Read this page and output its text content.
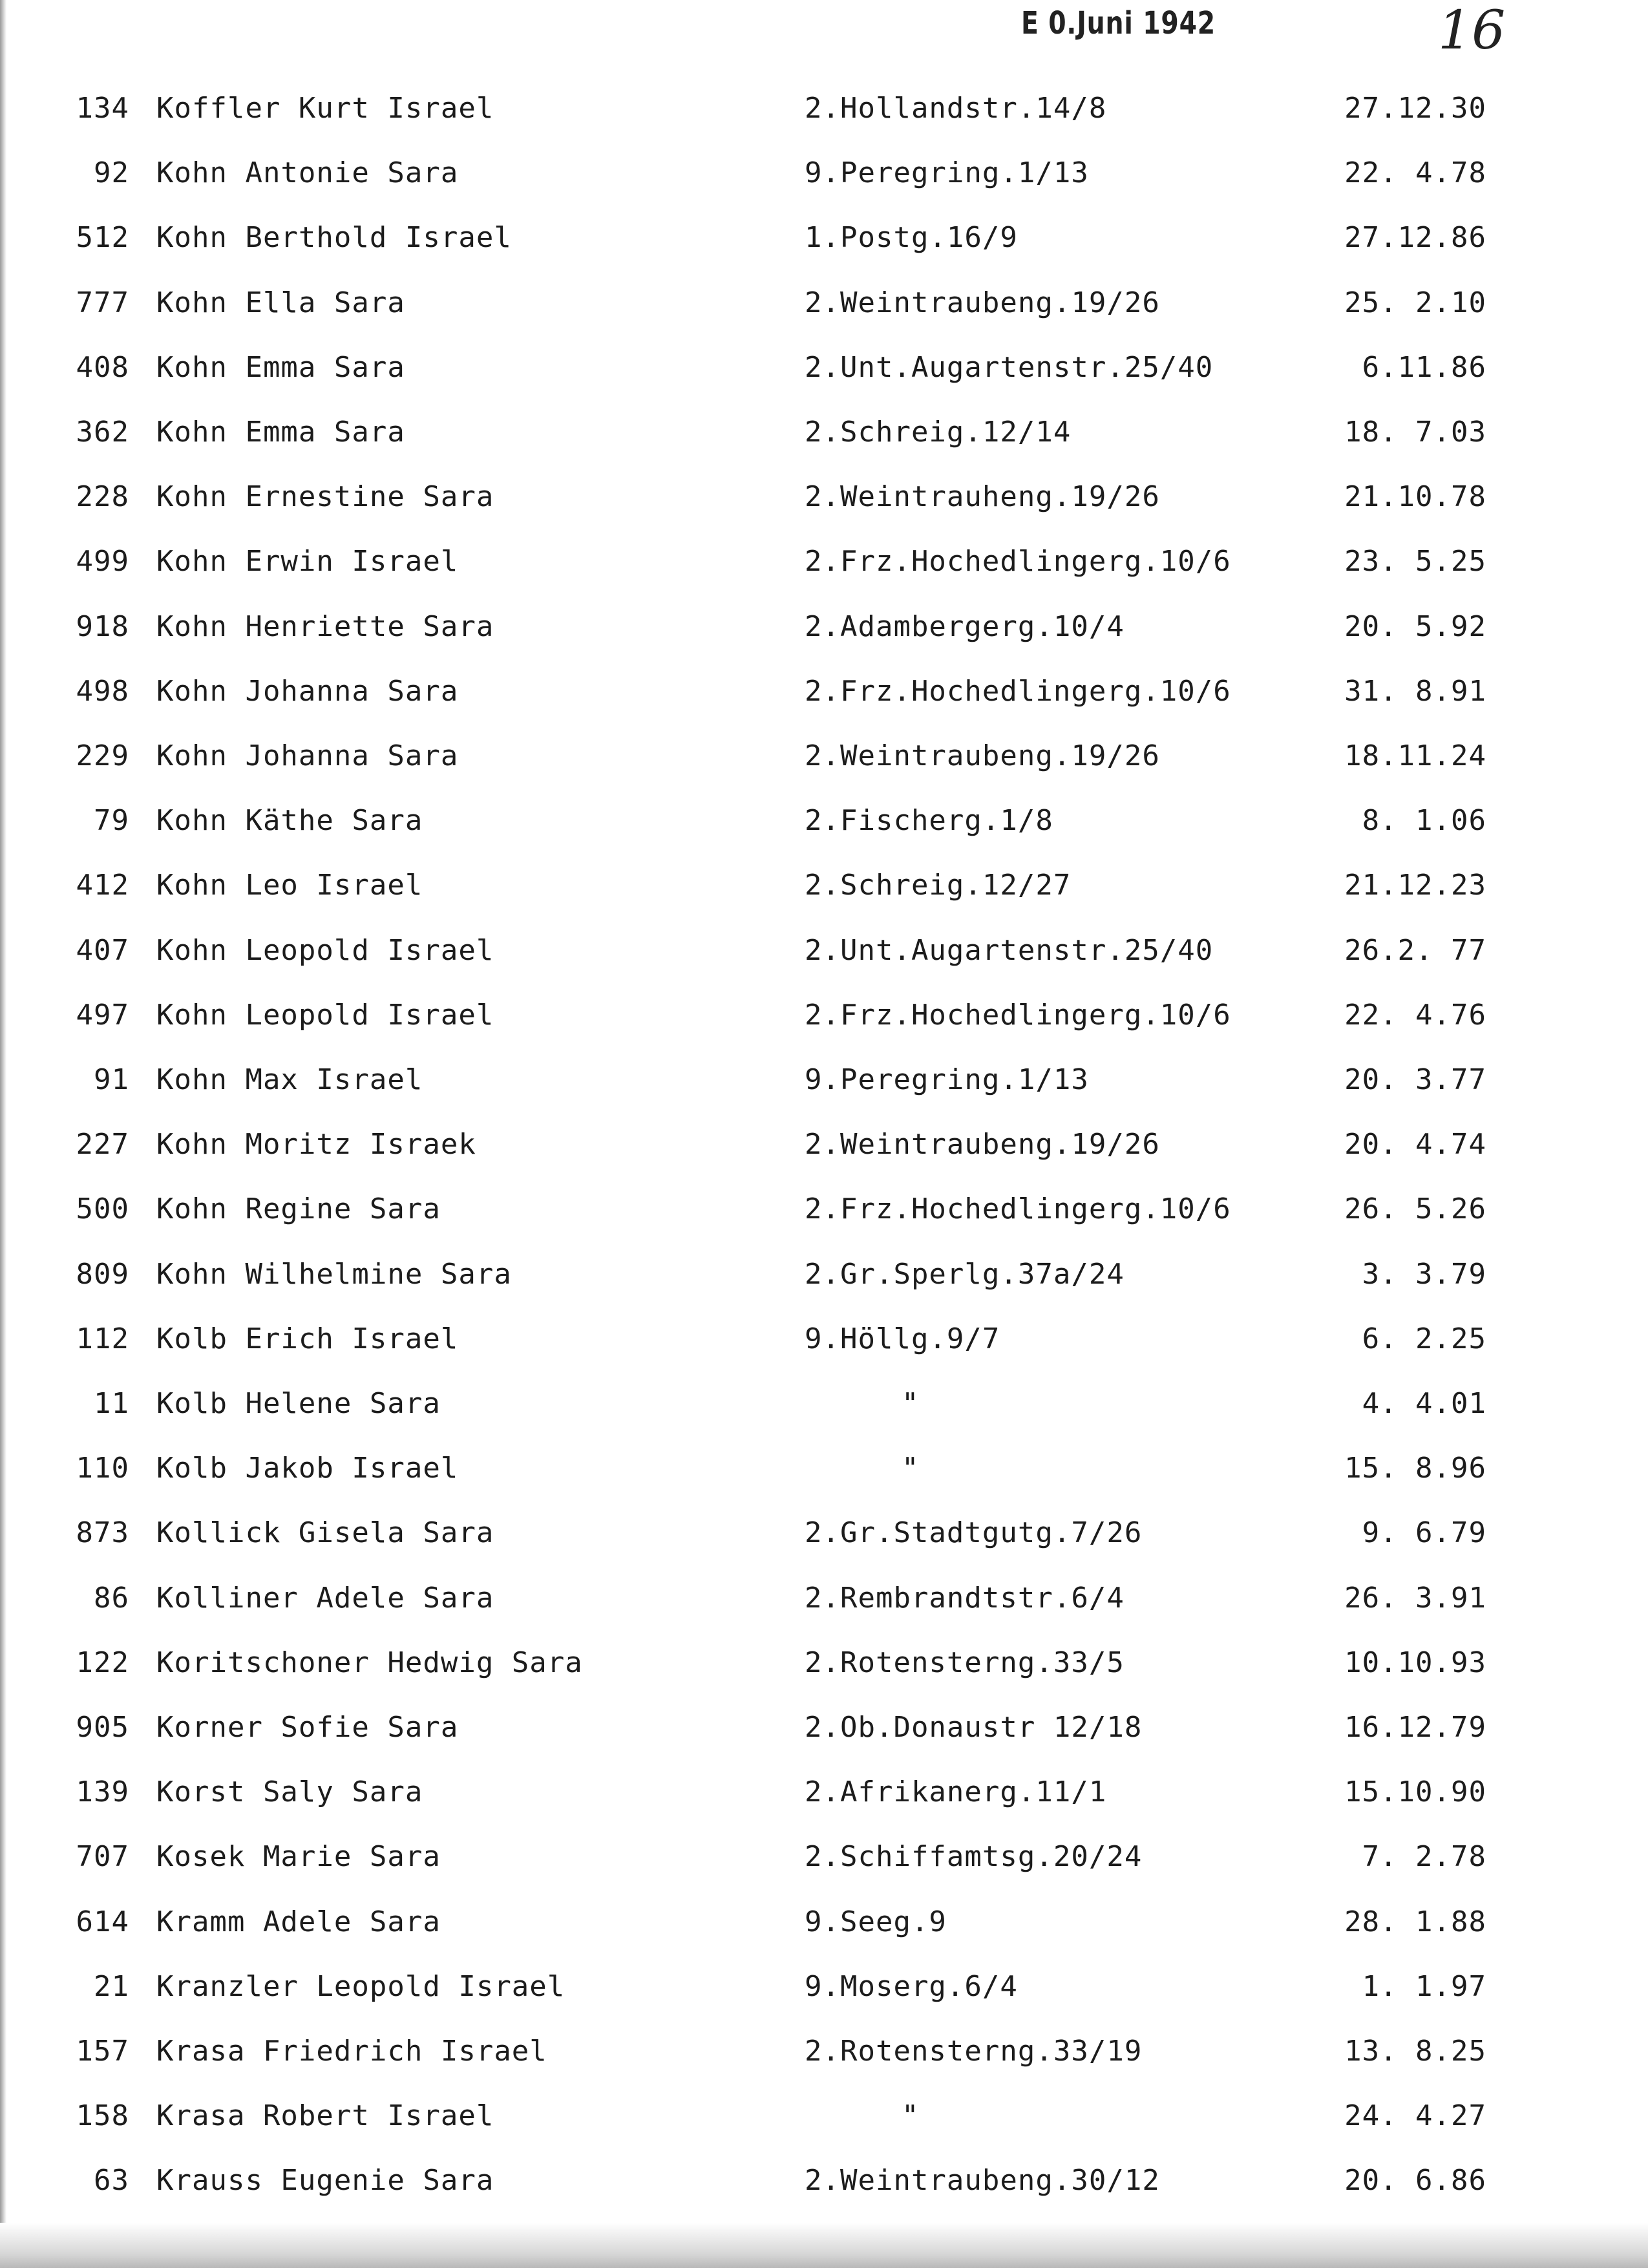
E 0.Juni 1942	16
134 Koffler Kurt Israel	2.Hollandstr.14/8	27.12.30
92 Kohn Antonie Sara	9.Peregring.1/13	22. 4.78
512 Kohn Berthold Israel	1.Postg.16/9	27.12.86
777 Kohn Ella Sara	2.Weintraubeng.19/26	25. 2.10
408 Kohn Emma Sara	2.Unt.Augartenstr.25/40	6.11.86
362 Kohn Emma Sara	2.Schreig.12/14	18. 7.03
228 Kohn Ernestine Sara	2.Weintrauheng.19/26	21.10.78
499 Kohn Erwin Israel	2.Frz.Hochedlingerg.10/6	23. 5.25
918 Kohn Henriette Sara	2.Adambergerg.10/4	20. 5.92
498 Kohn Johanna Sara	2.Frz.Hochedlingerg.10/6	31. 8.91
229 Kohn Johanna Sara	2.Weintraubeng.19/26	18.11.24
79 Kohn Käthe Sara	2.Fischerg.1/8	8. 1.06
412 Kohn Leo Israel	2.Schreig.12/27	21.12.23
407 Kohn Leopold Israel	2.Unt.Augartenstr.25/40	26.2. 77
497 Kohn Leopold Israel	2.Frz.Hochedlingerg.10/6	22. 4.76
91 Kohn Max Israel	9.Peregring.1/13	20. 3.77
227 Kohn Moritz Israek	2.Weintraubeng.19/26	20. 4.74
500 Kohn Regine Sara	2.Frz.Hochedlingerg.10/6	26. 5.26
809 Kohn Wilhelmine Sara	2.Gr.Sperlg.37a/24	3. 3.79
112 Kolb Erich Israel	9.Höllg.9/7	6. 2.25
11 Kolb Helene Sara	"	4. 4.01
110 Kolb Jakob Israel	"	15. 8.96
873 Kollick Gisela Sara	2.Gr.Stadtgutg.7/26	9. 6.79
86 Kolliner Adele Sara	2.Rembrandtstr.6/4	26. 3.91
122 Koritschoner Hedwig Sara	2.Rotensterng.33/5	10.10.93
905 Korner Sofie Sara	2.Ob.Donaustr 12/18	16.12.79
139 Korst Saly Sara	2.Afrikanerg.11/1	15.10.90
707 Kosek Marie Sara	2.Schiffamtsg.20/24	7. 2.78
614 Kramm Adele Sara	9.Seeg.9	28. 1.88
21 Kranzler Leopold Israel	9.Moserg.6/4	1. 1.97
157 Krasa Friedrich Israel	2.Rotensterng.33/19	13. 8.25
158 Krasa Robert Israel	"	24. 4.27
63 Krauss Eugenie Sara	2.Weintraubeng.30/12	20. 6.86
